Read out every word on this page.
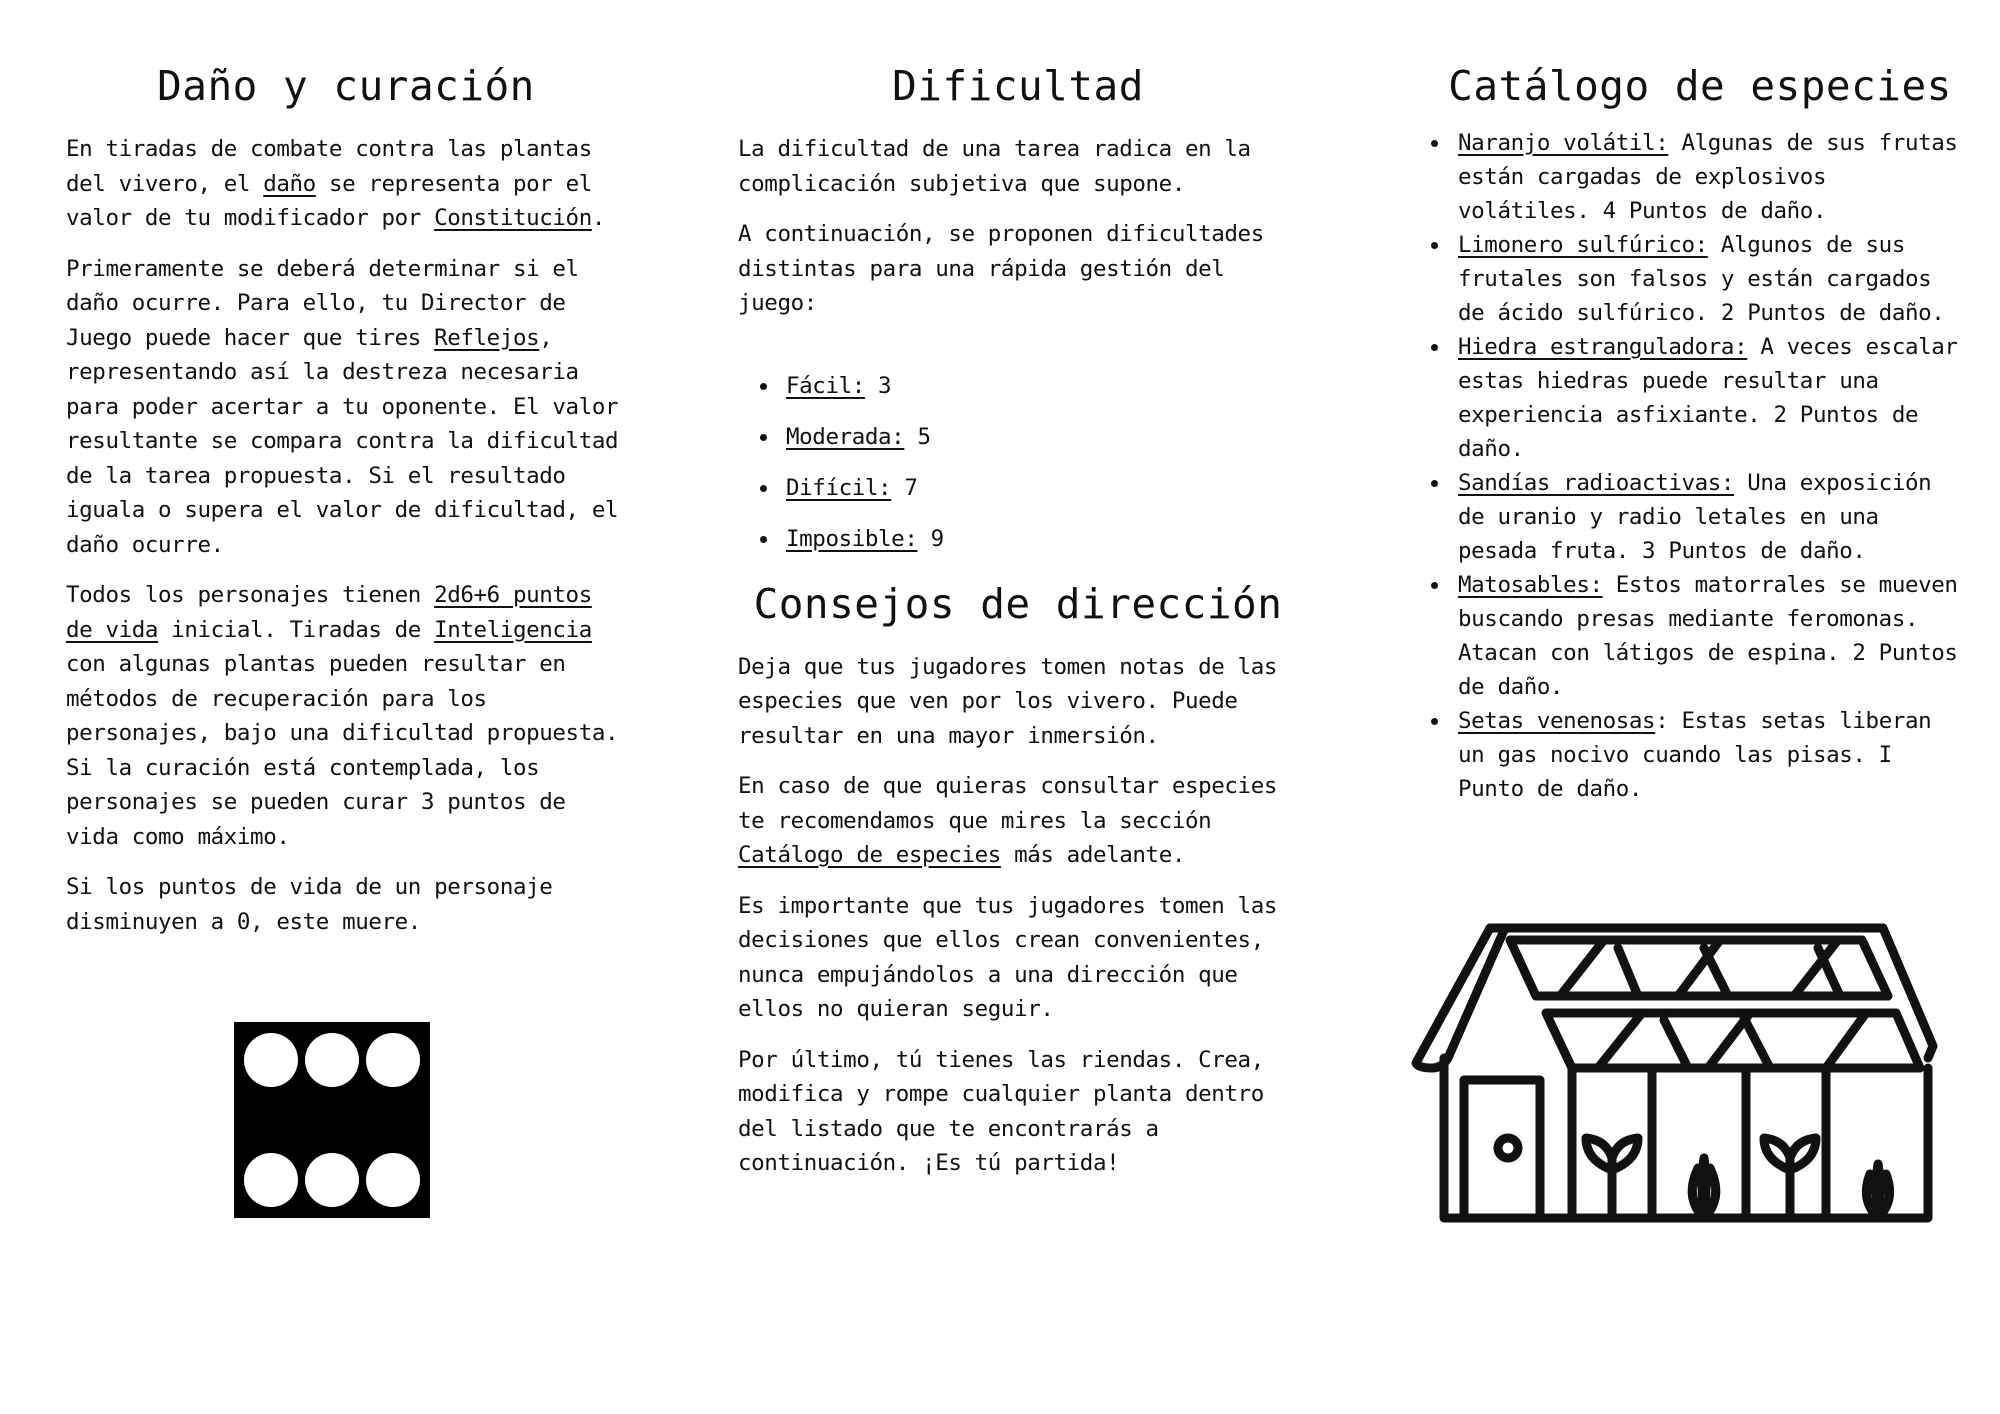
Daño y curación

En tiradas de combate contra las plantas del vivero, el daño se representa por el valor de tu modificador por Constitución.

Primeramente se deberá determinar si el daño ocurre. Para ello, tu Director de Juego puede hacer que tires Reflejos, representando así la destreza necesaria para poder acertar a tu oponente. El valor resultante se compara contra la dificultad de la tarea propuesta. Si el resultado iguala o supera el valor de dificultad, el daño ocurre.

Todos los personajes tienen 2d6+6 puntos de vida inicial. Tiradas de Inteligencia con algunas plantas pueden resultar en métodos de recuperación para los personajes, bajo una dificultad propuesta. Si la curación está contemplada, los personajes se pueden curar 3 puntos de vida como máximo.

Si los puntos de vida de un personaje disminuyen a 0, este muere.

Dificultad

La dificultad de una tarea radica en la complicación subjetiva que supone.

A continuación, se proponen dificultades distintas para una rápida gestión del juego:

Fácil: 3
Moderada: 5
Difícil: 7
Imposible: 9
Consejos de dirección

Deja que tus jugadores tomen notas de las especies que ven por los vivero. Puede resultar en una mayor inmersión.

En caso de que quieras consultar especies te recomendamos que mires la sección Catálogo de especies más adelante.

Es importante que tus jugadores tomen las decisiones que ellos crean convenientes, nunca empujándolos a una dirección que ellos no quieran seguir.

Por último, tú tienes las riendas. Crea, modifica y rompe cualquier planta dentro del listado que te encontrarás a continuación. ¡Es tú partida!

Catálogo de especies
Naranjo volátil: Algunas de sus frutas están cargadas de explosivos volátiles. 4 Puntos de daño.
Limonero sulfúrico: Algunos de sus frutales son falsos y están cargados de ácido sulfúrico. 2 Puntos de daño.
Hiedra estranguladora: A veces escalar estas hiedras puede resultar una experiencia asfixiante. 2 Puntos de daño.
Sandías radioactivas: Una exposición de uranio y radio letales en una pesada fruta. 3 Puntos de daño.
Matosables: Estos matorrales se mueven buscando presas mediante feromonas. Atacan con látigos de espina. 2 Puntos de daño.
Setas venenosas: Estas setas liberan un gas nocivo cuando las pisas. I Punto de daño.
